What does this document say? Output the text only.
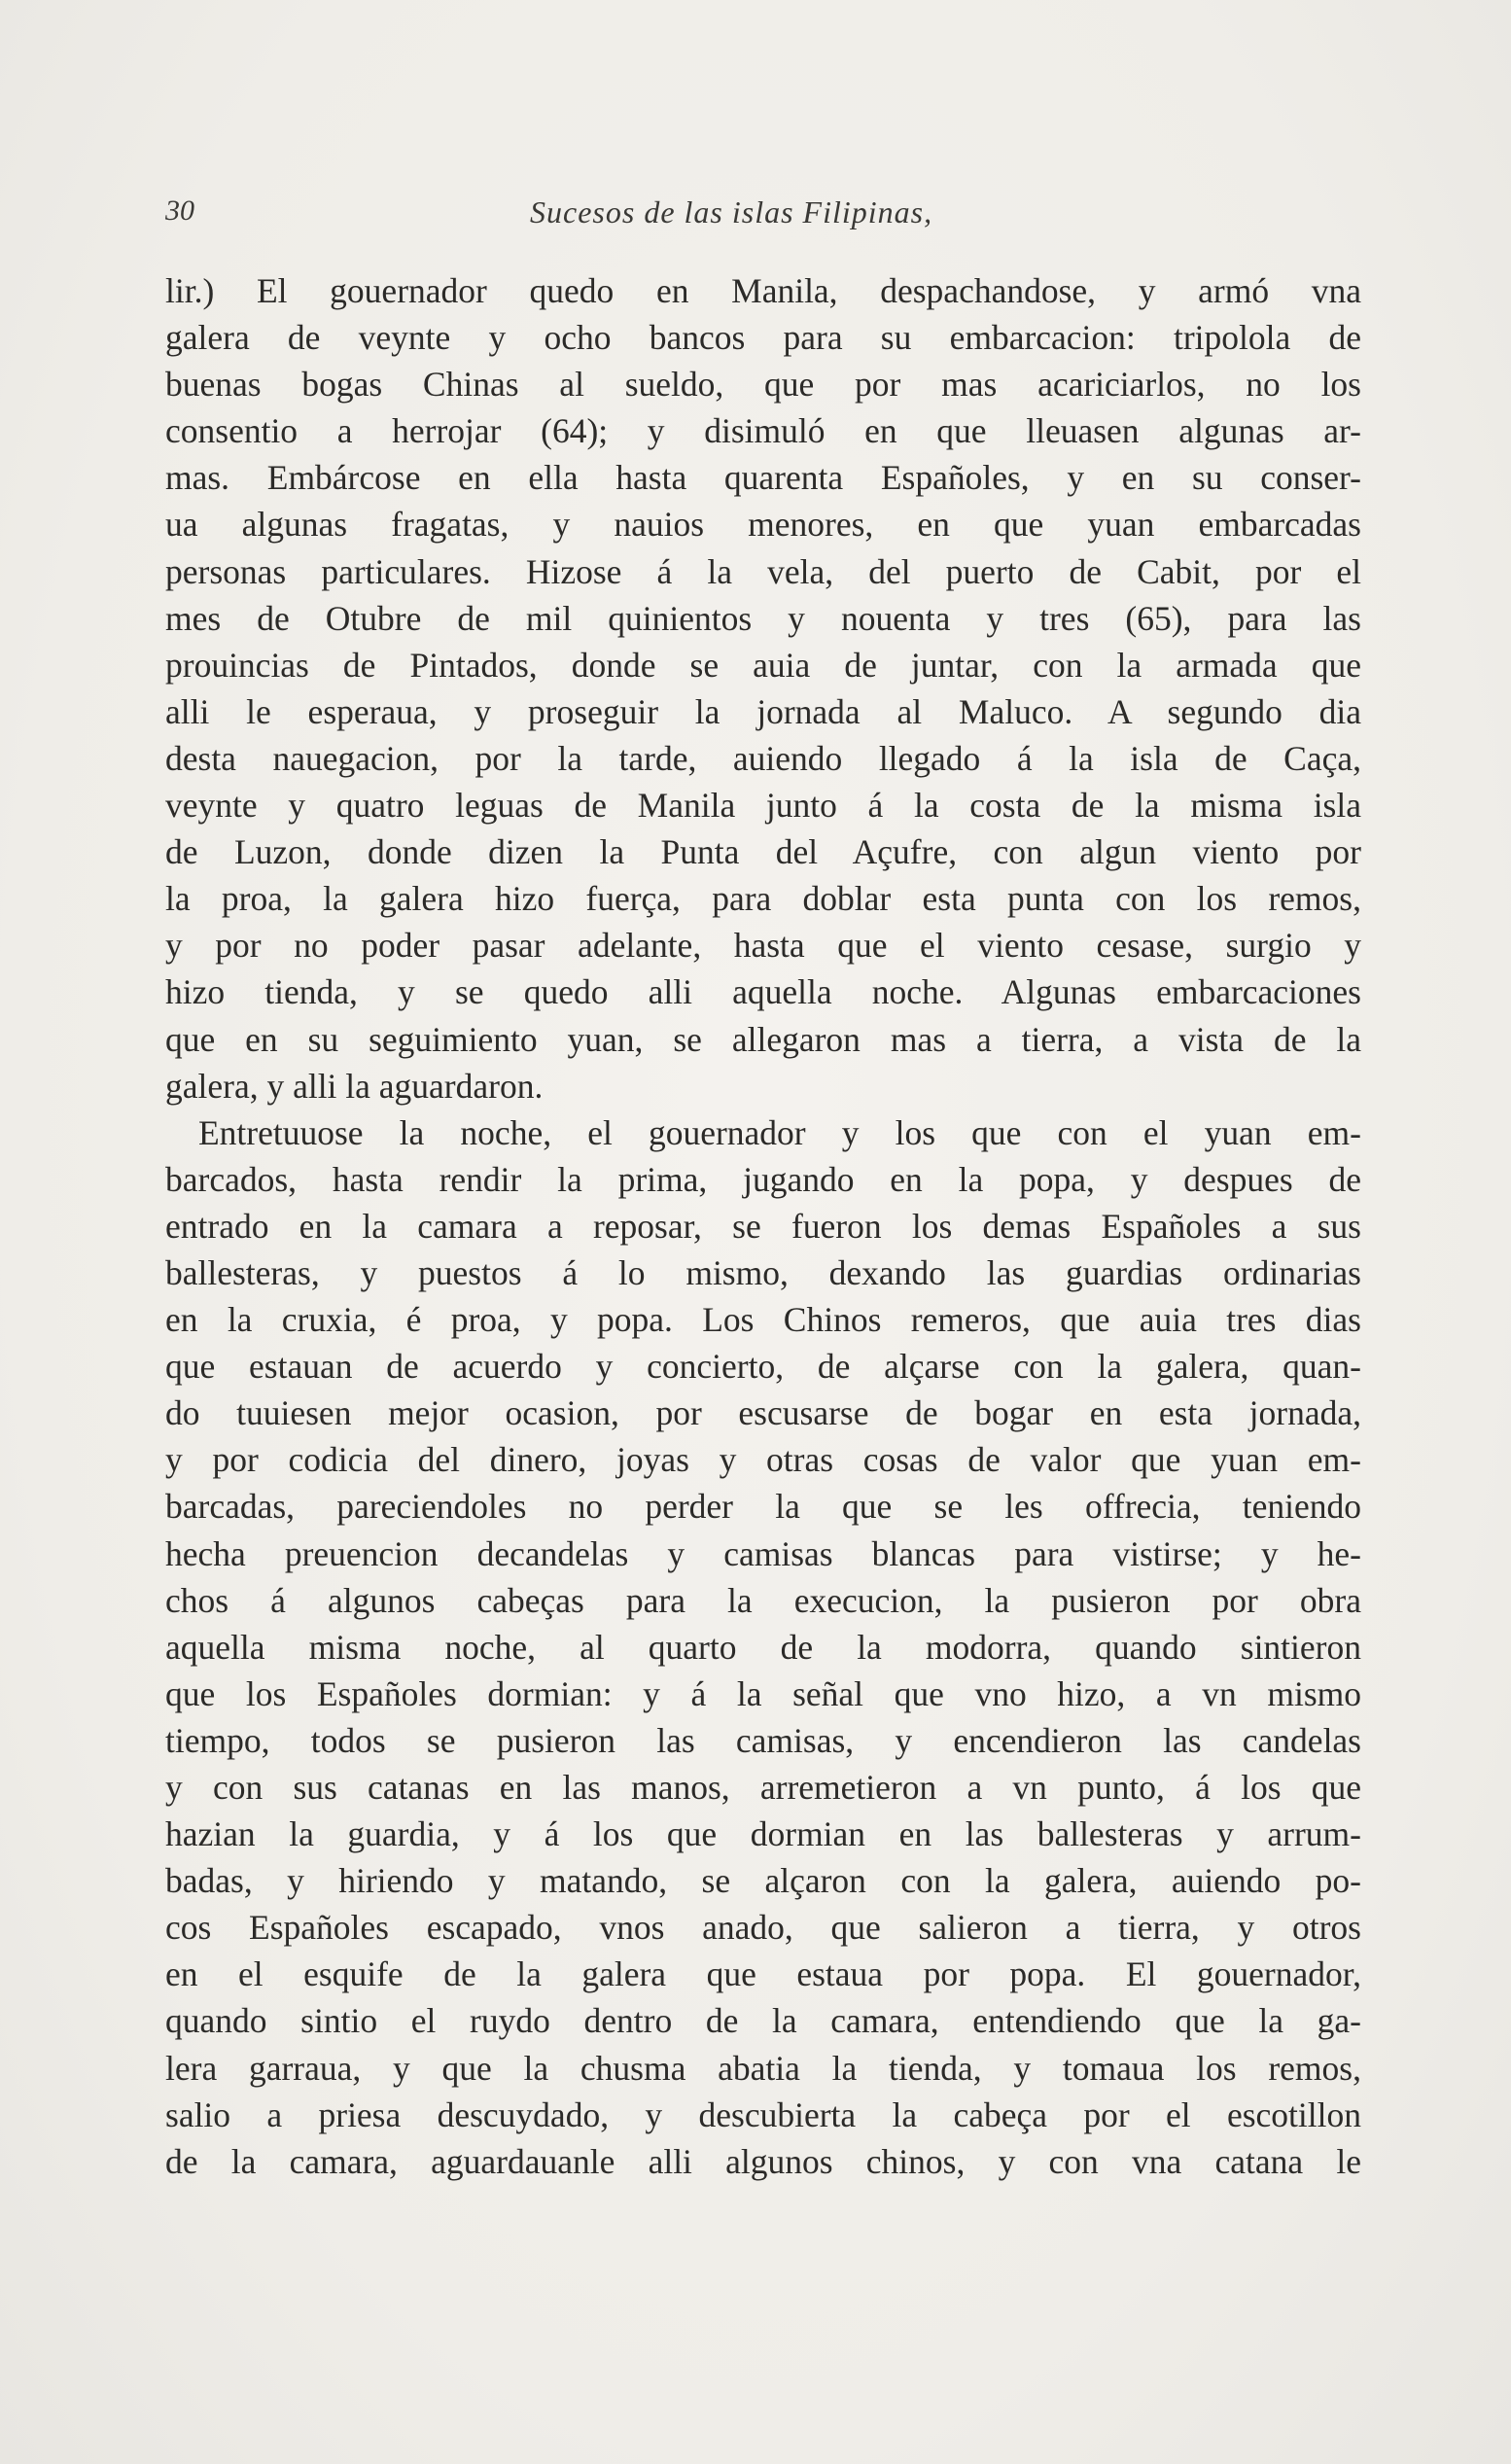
30	Sucesos de las islas Filipinas,
lir.) El gouernador quedo en Manila, despachandose, y armó vna
galera de veynte y ocho bancos para su embarcacion: tripolola de
buenas bogas Chinas al sueldo, que por mas acariciarlos, no los
consentio a herrojar (64); y disimuló en que lleuasen algunas ar-
mas. Embárcose en ella hasta quarenta Españoles, y en su conser-
ua algunas fragatas, y nauios menores, en que yuan embarcadas
personas particulares. Hizose á la vela, del puerto de Cabit, por el
mes de Otubre de mil quinientos y nouenta y tres (65), para las
prouincias de Pintados, donde se auia de juntar, con la armada que
alli le esperaua, y proseguir la jornada al Maluco. A segundo dia
desta nauegacion, por la tarde, auiendo llegado á la isla de Caça,
veynte y quatro leguas de Manila junto á la costa de la misma isla
de Luzon, donde dizen la Punta del Açufre, con algun viento por
la proa, la galera hizo fuerça, para doblar esta punta con los remos,
y por no poder pasar adelante, hasta que el viento cesase, surgio y
hizo tienda, y se quedo alli aquella noche. Algunas embarcaciones
que en su seguimiento yuan, se allegaron mas a tierra, a vista de la
galera, y alli la aguardaron.
Entretuuose la noche, el gouernador y los que con el yuan em-
barcados, hasta rendir la prima, jugando en la popa, y despues de
entrado en la camara a reposar, se fueron los demas Españoles a sus
ballesteras, y puestos á lo mismo, dexando las guardias ordinarias
en la cruxia, é proa, y popa. Los Chinos remeros, que auia tres dias
que estauan de acuerdo y concierto, de alçarse con la galera, quan-
do tuuiesen mejor ocasion, por escusarse de bogar en esta jornada,
y por codicia del dinero, joyas y otras cosas de valor que yuan em-
barcadas, pareciendoles no perder la que se les offrecia, teniendo
hecha preuencion decandelas y camisas blancas para vistirse; y he-
chos á algunos cabeças para la execucion, la pusieron por obra
aquella misma noche, al quarto de la modorra, quando sintieron
que los Españoles dormian: y á la señal que vno hizo, a vn mismo
tiempo, todos se pusieron las camisas, y encendieron las candelas
y con sus catanas en las manos, arremetieron a vn punto, á los que
hazian la guardia, y á los que dormian en las ballesteras y arrum-
badas, y hiriendo y matando, se alçaron con la galera, auiendo po-
cos Españoles escapado, vnos anado, que salieron a tierra, y otros
en el esquife de la galera que estaua por popa. El gouernador,
quando sintio el ruydo dentro de la camara, entendiendo que la ga-
lera garraua, y que la chusma abatia la tienda, y tomaua los remos,
salio a priesa descuydado, y descubierta la cabeça por el escotillon
de la camara, aguardauanle alli algunos chinos, y con vna catana le
